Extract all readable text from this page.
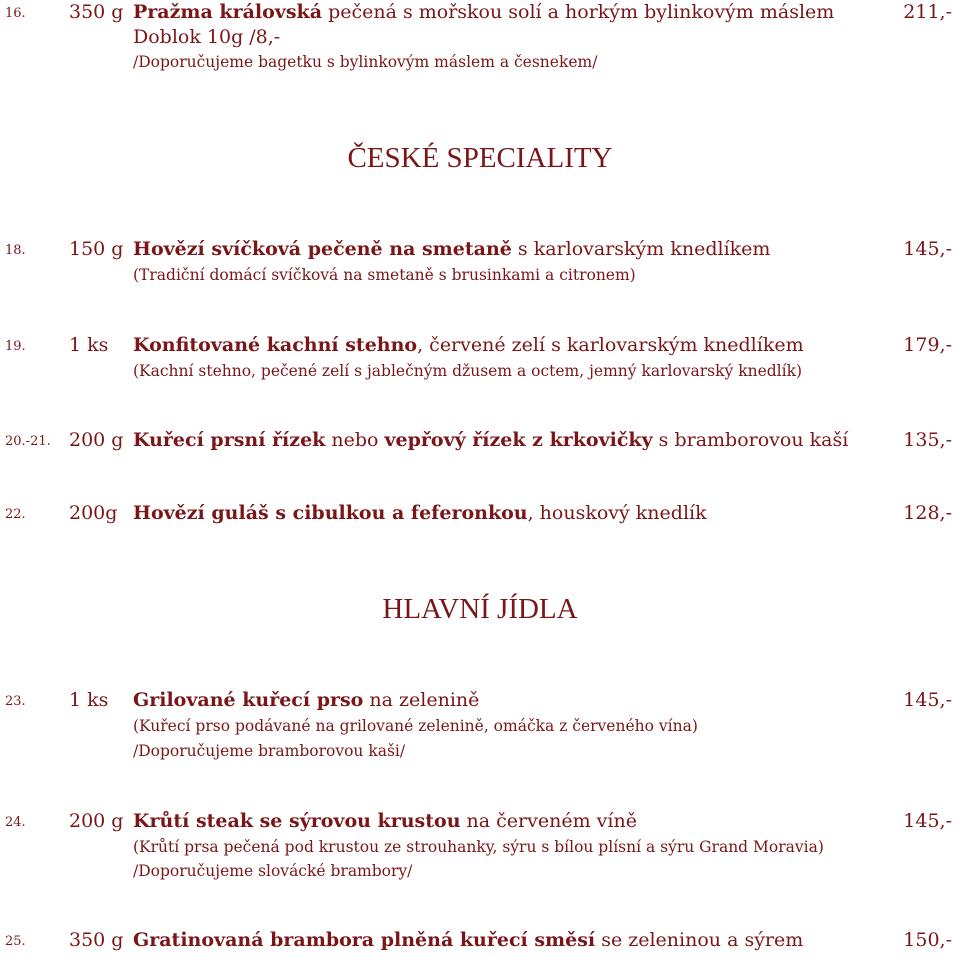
16. 350 g Pražma královská pečená s mořskou solí a horkým bylinkovým máslem	211,-
Doblok 10g /8,-
/Doporučujeme bagetku s bylinkovým máslem a česnekem/
ČESKÉ SPECIALITY
18. 150 g Hovězí svíčková pečeně na smetaně s karlovarským knedlíkem	145,-
(Tradiční domácí svíčková na smetaně s brusinkami a citronem)
19. 1 ks Konfitované kachní stehno, červené zelí s karlovarským knedlíkem	179,-
(Kachní stehno, pečené zelí s jablečným džusem a octem, jemný karlovarský knedlík)
20.-21. 200 g Kuřecí prsní řízek nebo vepřový řízek z krkovičky s bramborovou kaší	135,-
22. 200g Hovězí guláš s cibulkou a feferonkou, houskový knedlík	128,-
HLAVNÍ JÍDLA
23. 1 ks Grilované kuřecí prso na zelenině	145,-
(Kuřecí prso podávané na grilované zelenině, omáčka z červeného vína)
/Doporučujeme bramborovou kaši/
24. 200 g Krůtí steak se sýrovou krustou na červeném víně	145,-
(Krůtí prsa pečená pod krustou ze strouhanky, sýru s bílou plísní a sýru Grand Moravia)
/Doporučujeme slovácké brambory/
25. 350 g Gratinovaná brambora plněná kuřecí směsí se zeleninou a sýrem	150,-
